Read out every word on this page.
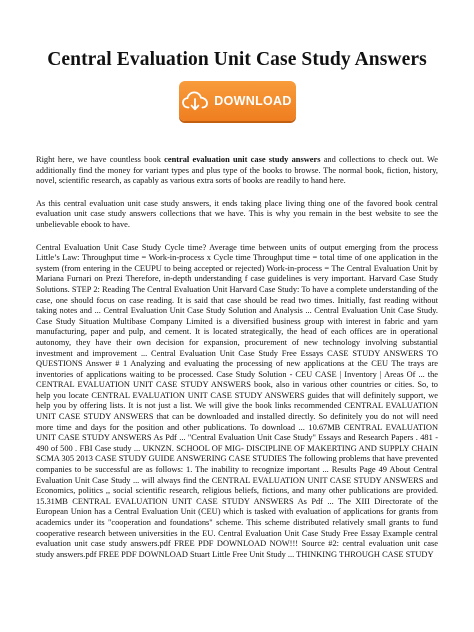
Central Evaluation Unit Case Study Answers
DOWNLOAD

Right here, we have countless book central evaluation unit case study answers and collections to check out. We additionally find the money for variant types and plus type of the books to browse. The normal book, fiction, history, novel, scientific research, as capably as various extra sorts of books are readily to hand here.

As this central evaluation unit case study answers, it ends taking place living thing one of the favored book central evaluation unit case study answers collections that we have. This is why you remain in the best website to see the unbelievable ebook to have.

Central Evaluation Unit Case Study Cycle time? Average time between units of output emerging from the process Little’s Law: Throughput time = Work-in-process x Cycle time Throughput time = total time of one application in the system (from entering in the CEUPU to being accepted or rejected) Work-in-process = The Central Evaluation Unit by Mariana Furnari on Prezi Therefore, in-depth understanding f case guidelines is very important. Harvard Case Study Solutions. STEP 2: Reading The Central Evaluation Unit Harvard Case Study: To have a complete understanding of the case, one should focus on case reading. It is said that case should be read two times. Initially, fast reading without taking notes and ... Central Evaluation Unit Case Study Solution and Analysis ... Central Evaluation Unit Case Study. Case Study Situation Multibase Company Limited is a diversified business group with interest in fabric and yarn manufacturing, paper and pulp, and cement. It is located strategically, the head of each offices are in operational autonomy, they have their own decision for expansion, procurement of new technology involving substantial investment and improvement ... Central Evaluation Unit Case Study Free Essays CASE STUDY ANSWERS TO QUESTIONS Answer # 1 Analyzing and evaluating the processing of new applications at the CEU The trays are inventories of applications waiting to be processed. Case Study Solution - CEU CASE | Inventory | Areas Of ... the CENTRAL EVALUATION UNIT CASE STUDY ANSWERS book, also in various other countries or cities. So, to help you locate CENTRAL EVALUATION UNIT CASE STUDY ANSWERS guides that will definitely support, we help you by offering lists. It is not just a list. We will give the book links recommended CENTRAL EVALUATION UNIT CASE STUDY ANSWERS that can be downloaded and installed directly. So definitely you do not will need more time and days for the position and other publications. To download ... 10.67MB CENTRAL EVALUATION UNIT CASE STUDY ANSWERS As Pdf ... "Central Evaluation Unit Case Study" Essays and Research Papers . 481 - 490 of 500 . FBI Case study ... UKNZN. SCHOOL OF MIG- DISCIPLINE OF MAKERTING AND SUPPLY CHAIN SCMA 305 2013 CASE STUDY GUIDE ANSWERING CASE STUDIES The following problems that have prevented companies to be successful are as follows: 1. The inability to recognize important ... Results Page 49 About Central Evaluation Unit Case Study ... will always find the CENTRAL EVALUATION UNIT CASE STUDY ANSWERS and Economics, politics ,, social scientific research, religious beliefs, fictions, and many other publications are provided. 15.31MB CENTRAL EVALUATION UNIT CASE STUDY ANSWERS As Pdf ... The XIII Directorate of the European Union has a Central Evaluation Unit (CEU) which is tasked with evaluation of applications for grants from academics under its "cooperation and foundations" scheme. This scheme distributed relatively small grants to fund cooperative research between universities in the EU. Central Evaluation Unit Case Study Free Essay Example central evaluation unit case study answers.pdf FREE PDF DOWNLOAD NOW!!! Source #2: central evaluation unit case study answers.pdf FREE PDF DOWNLOAD Stuart Little Free Unit Study ... THINKING THROUGH CASE STUDY
